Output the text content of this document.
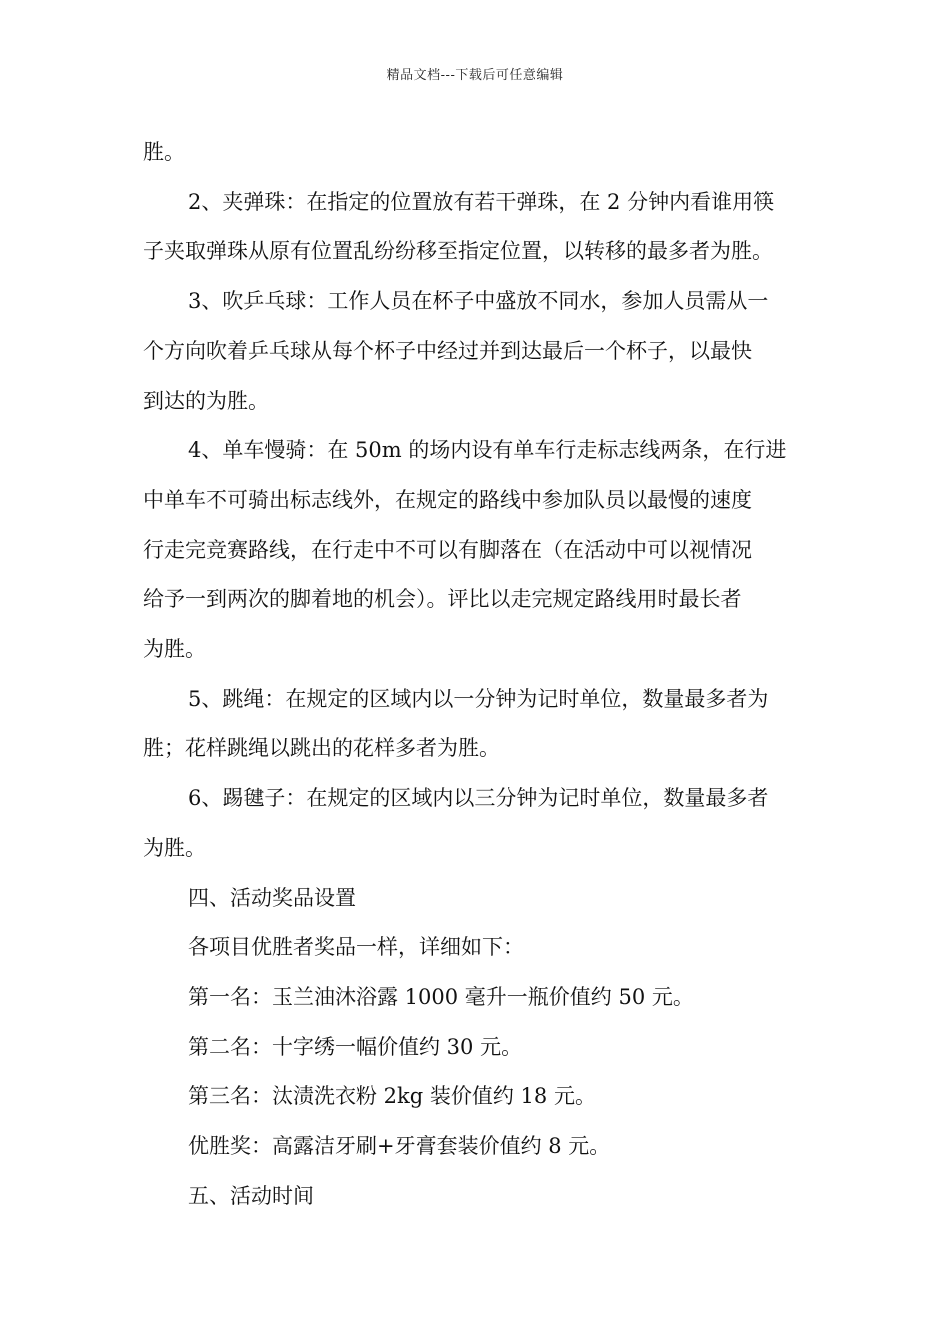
精品文档---下载后可任意编辑

胜。

2、夹弹珠：在指定的位置放有若干弹珠，在 2 分钟内看谁用筷

子夹取弹珠从原有位置乱纷纷移至指定位置，以转移的最多者为胜。

3、吹乒乓球：工作人员在杯子中盛放不同水，参加人员需从一

个方向吹着乒乓球从每个杯子中经过并到达最后一个杯子，以最快

到达的为胜。

4、单车慢骑：在 50m 的场内设有单车行走标志线两条，在行进

中单车不可骑出标志线外，在规定的路线中参加队员以最慢的速度

行走完竞赛路线，在行走中不可以有脚落在（在活动中可以视情况

给予一到两次的脚着地的机会）。评比以走完规定路线用时最长者

为胜。

5、跳绳：在规定的区域内以一分钟为记时单位，数量最多者为

胜；花样跳绳以跳出的花样多者为胜。

6、踢毽子：在规定的区域内以三分钟为记时单位，数量最多者

为胜。

四、活动奖品设置

各项目优胜者奖品一样，详细如下：

第一名：玉兰油沐浴露 1000 毫升一瓶价值约 50 元。

第二名：十字绣一幅价值约 30 元。

第三名：汰渍洗衣粉 2kg 装价值约 18 元。

优胜奖：高露洁牙刷+牙膏套装价值约 8 元。

五、活动时间
